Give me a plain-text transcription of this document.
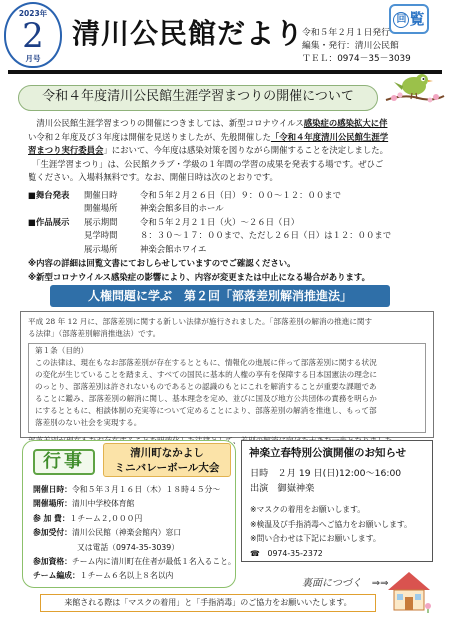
2023年
2
月号
清川公民館だより	回 覧
令和５年２月１日発行
編集・発行：清川公民館
ＴＥＬ：0974－35－3039
令和４年度清川公民館生涯学習まつりの開催について

　清川公民館生涯学習まつりの開催につきましては、新型コロナウイルス感染症の感染拡大に伴

い令和２年度及び３年度は開催を見送りましたが、先般開催した「令和４年度清川公民館生涯学

習まつり実行委員会」において、今年度は感染対策を図りながら開催することを決定しました。

　「生涯学習まつり」は、公民館クラブ・学級の１年間の学習の成果を発表する場です。ぜひご

覧ください。入場料無料です。なお、開催日時は次のとおりです。

■舞台発表	開催日時	令和５年２月２６日（日）９：００～１２：００まで
開催場所	神楽会館多目的ホール
■作品展示	展示期間	令和５年２月２１日（火）～２６日（日）
見学時間	８：３０～１７：００まで、ただし２６日（日）は１２：００まで
展示場所	神楽会館ホワイエ

※内容の詳細は回覧文書にておしらせしていますのでご確認ください。

※新型コロナウイルス感染症の影響により、内容が変更または中止になる場合があります。

人権問題に学ぶ　第２回「部落差別解消推進法」

平成 28 年 12 月に、部落差別に関する新しい法律が施行されました。「部落差別の解消の推進に関す

る法律」（部落差別解消推進法）です。

第１条（目的）

この法律は、現在もなお部落差別が存在するとともに、情報化の進展に伴って部落差別に関する状況

の変化が生じていることを踏まえ、すべての国民に基本的人権の享有を保障する日本国憲法の理念に

のっとり、部落差別は許されないものであるとの認識のもとにこれを解消することが重要な課題であ

ることに鑑み、部落差別の解消に関し、基本理念を定め、並びに国及び地方公共団体の責務を明らか

にするとともに、相談体制の充実等について定めることにより、部落差別の解消を推進し、もって部

落差別のない社会を実現する。

行事	清川町なかよし
ミニバレーボール大会
開催日時： 令和５年３月１６日（木）１８時４５分～
開催場所： 清川中学校体育館
参 加 費： １チーム２,０００円
参加受付： 清川公民館（神楽会館内）窓口
又は電話（0974-35-3039）
参加資格： チーム内に清川町在住者が最低１名入ること。
チーム編成： １チーム６名以上８名以内
神楽立春特別公演開催のお知らせ

日時　２月 19 日(日)12:00～16:00

出演　御嶽神楽

※マスクの着用をお願いします。

※検温及び手指消毒へご協力をお願いします。

※問い合わせは下記にお願いします。

☎　0974-35-2372

裏面につづく　⇒⇒
来館される際は「マスクの着用」と「手指消毒」のご協力をお願いいたします。
